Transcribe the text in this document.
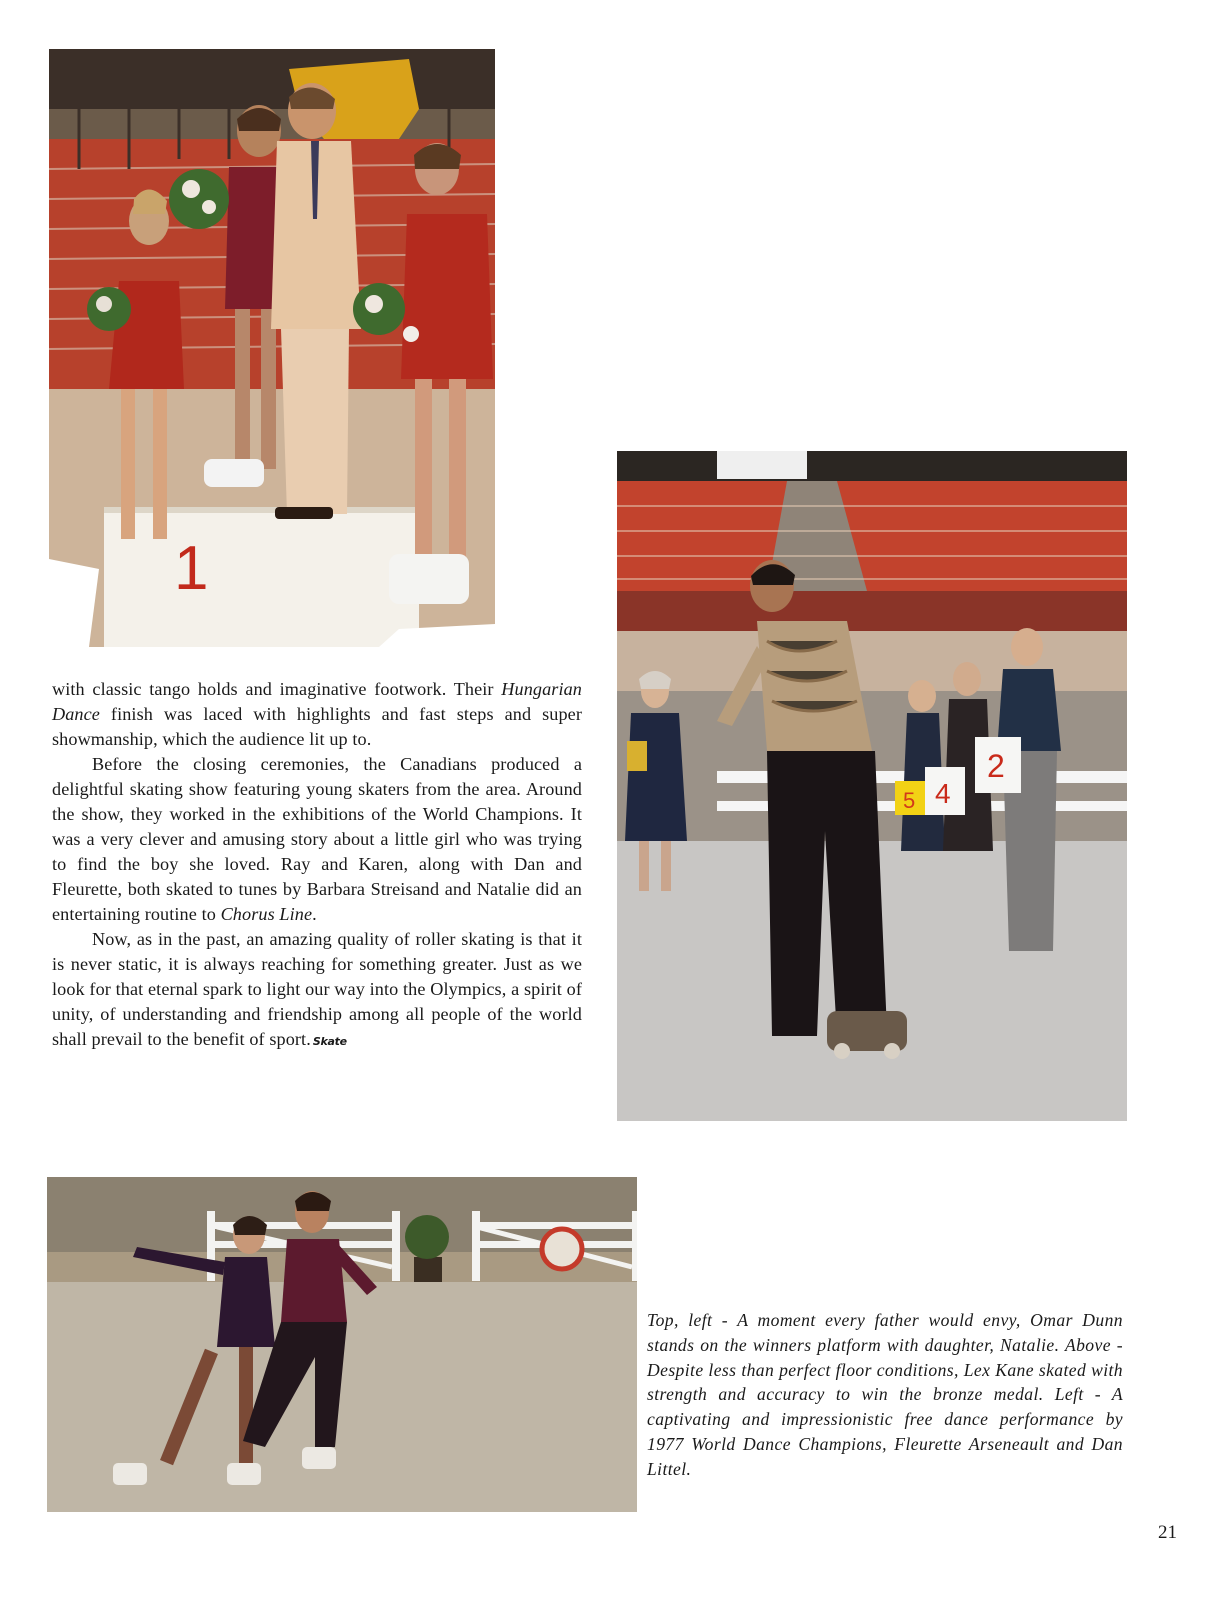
1
5 4
2

with classic tango holds and imaginative footwork. Their Hungarian Dance finish was laced with highlights and fast steps and super showmanship, which the audience lit up to.

Before the closing ceremonies, the Canadians produced a delightful skating show featuring young skaters from the area. Around the show, they worked in the exhibitions of the World Champions. It was a very clever and amusing story about a little girl who was trying to find the boy she loved. Ray and Karen, along with Dan and Fleurette, both skated to tunes by Barbara Streisand and Natalie did an entertaining routine to Chorus Line.

Now, as in the past, an amazing quality of roller skating is that it is never static, it is always reaching for something greater. Just as we look for that eternal spark to light our way into the Olympics, a spirit of unity, of understanding and friendship among all people of the world shall prevail to the benefit of sport. Skate

Top, left - A moment every father would envy, Omar Dunn stands on the winners platform with daughter, Natalie. Above - Despite less than perfect floor conditions, Lex Kane skated with strength and accuracy to win the bronze medal. Left - A captivating and impressionistic free dance performance by 1977 World Dance Champions, Fleurette Arseneault and Dan Littel.
21
